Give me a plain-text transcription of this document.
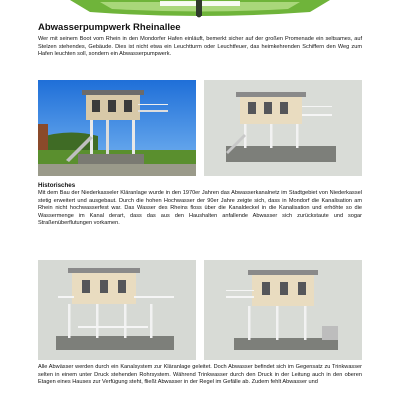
Abwasserpumpwerk Rheinallee

Wer mit seinem Boot vom Rhein in den Mondorfer Hafen einläuft, bemerkt sicher auf der großen Promenade ein seltsames, auf Stelzen stehendes, Gebäude. Dies ist nicht etwa ein Leuchtturm oder Leuchtfeuer, das heimkehrenden Schiffern den Weg zum Hafen leuchten soll, sondern ein Abwasserpumpwerk.

Historisches

Mit dem Bau der Niederkasseler Kläranlage wurde in den 1970er Jahren das Abwasserkanalnetz im Stadtgebiet von Niederkassel stetig erweitert und ausgebaut. Durch die hohen Hochwasser der 90er Jahre zeigte sich, dass in Mondorf die Kanalisation am Rhein nicht hochwasserfest war. Das Wasser des Rheins floss über die Kanaldeckel in die Kanalisation und erhöhte so die Wassermenge im Kanal derart, dass das aus den Haushalten anfallende Abwasser sich zurückstaute und sogar Straßenüberflutungen vorkamen.

Alle Abwässer werden durch ein Kanalsystem zur Kläranlage geleitet. Doch Abwasser befindet sich im Gegensatz zu Trinkwasser selten in einem unter Druck stehenden Rohrsystem. Während Trinkwasser durch den Druck in der Leitung auch in den oberen Etagen eines Hauses zur Verfügung steht, fließt Abwasser in der Regel im Gefälle ab. Zudem fehlt Abwasser und
